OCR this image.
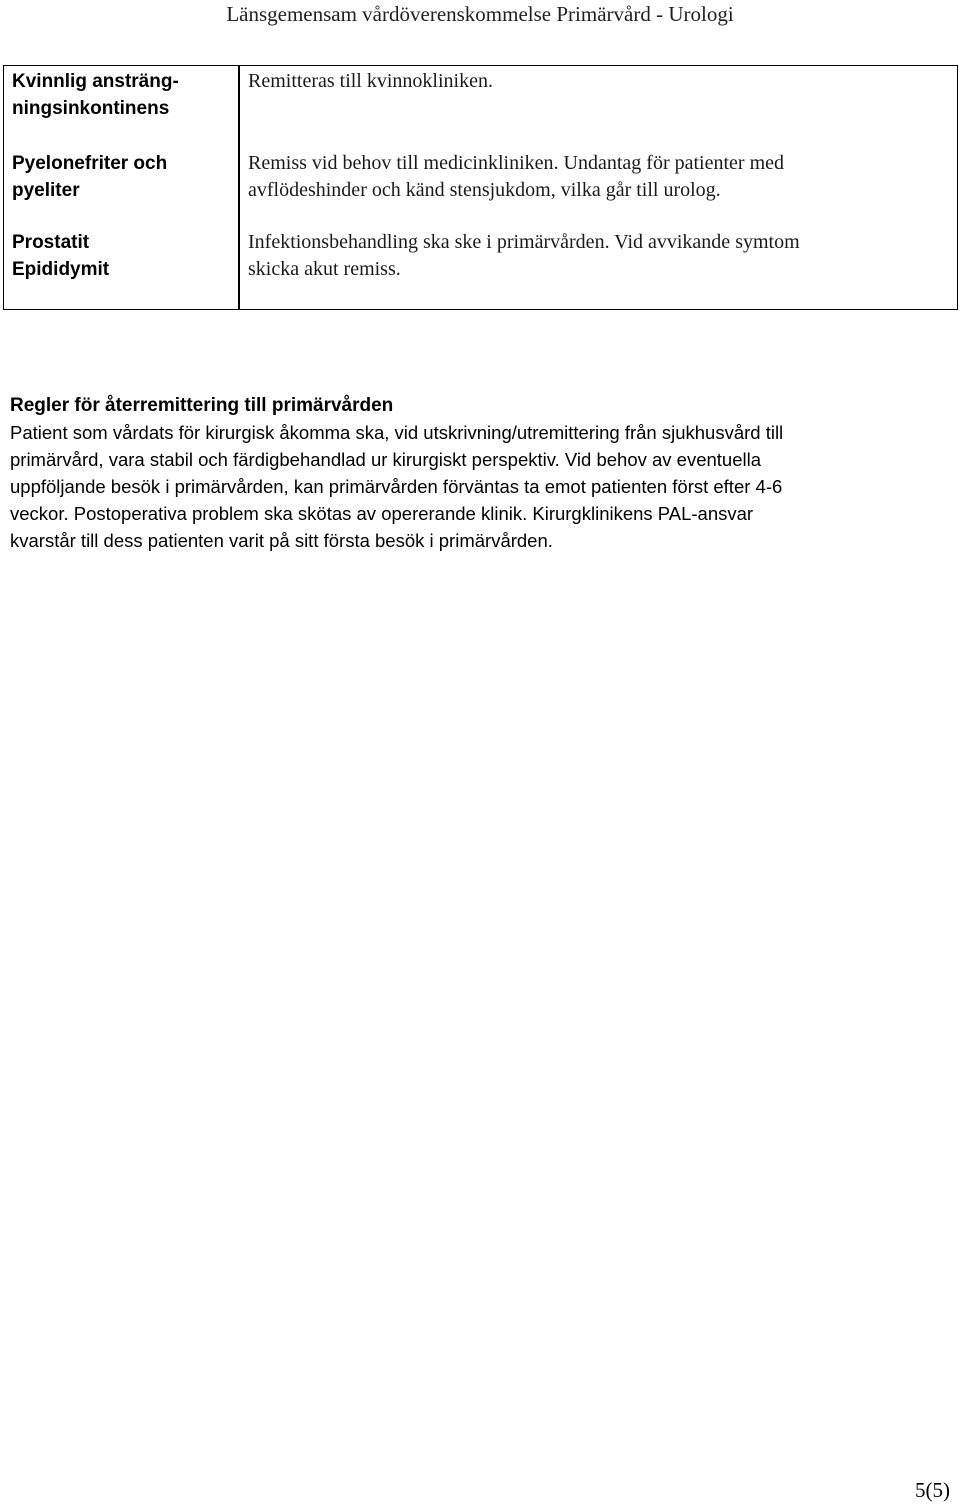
Länsgemensam vårdöverenskommelse Primärvård - Urologi
Kvinnlig ansträng-
ningsinkontinens
Remitteras till kvinnokliniken.
Pyelonefriter och
pyeliter
Remiss vid behov till medicinkliniken. Undantag för patienter med
avflödeshinder och känd stensjukdom, vilka går till urolog.
Prostatit
Epididymit
Infektionsbehandling ska ske i primärvården. Vid avvikande symtom
skicka akut remiss.

Regler för återremittering till primärvården

Patient som vårdats för kirurgisk åkomma ska, vid utskrivning/utremittering från sjukhusvård till
primärvård, vara stabil och färdigbehandlad ur kirurgiskt perspektiv. Vid behov av eventuella
uppföljande besök i primärvården, kan primärvården förväntas ta emot patienten först efter 4-6
veckor. Postoperativa problem ska skötas av opererande klinik. Kirurgklinikens PAL-ansvar
kvarstår till dess patienten varit på sitt första besök i primärvården.
5(5)
